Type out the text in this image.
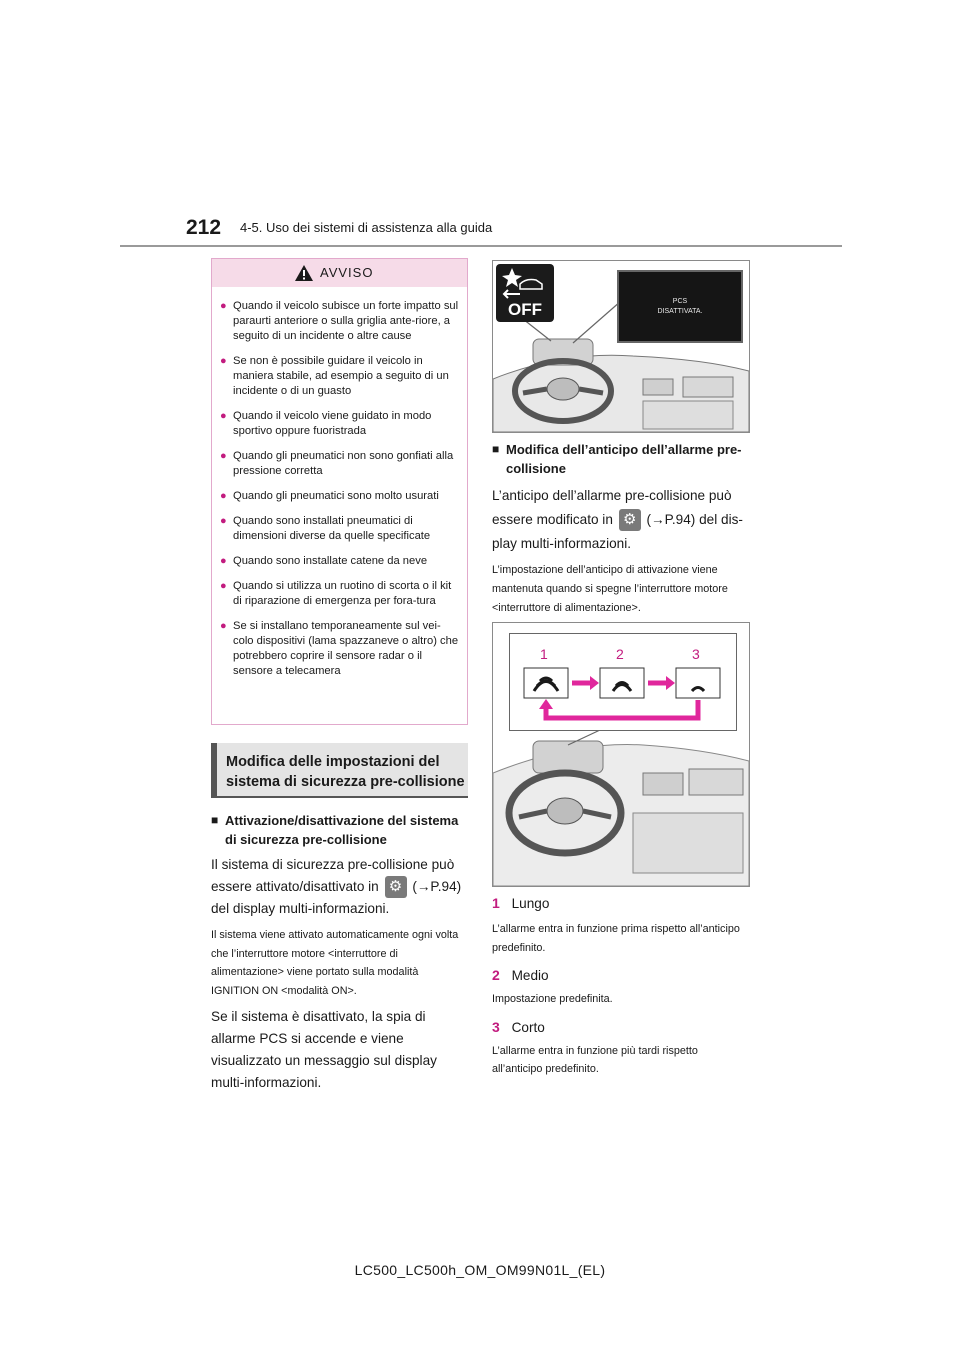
212 4-5. Uso dei sistemi di assistenza alla guida
AVVISO
● Quando il veicolo subisce un forte impatto sul paraurti anteriore o sulla griglia ante-riore, a seguito di un incidente o altre cause
● Se non è possibile guidare il veicolo in maniera stabile, ad esempio a seguito di un incidente o di un guasto
● Quando il veicolo viene guidato in modo sportivo oppure fuoristrada
● Quando gli pneumatici non sono gonfiati alla pressione corretta
● Quando gli pneumatici sono molto usurati
● Quando sono installati pneumatici di dimensioni diverse da quelle specificate
● Quando sono installate catene da neve
● Quando si utilizza un ruotino di scorta o il kit di riparazione di emergenza per fora-tura
● Se si installano temporaneamente sul vei-colo dispositivi (lama spazzaneve o altro) che potrebbero coprire il sensore radar o il sensore a telecamera
Modifica delle impostazioni del sistema di sicurezza pre-collisione
■ Attivazione/disattivazione del sistema di sicurezza pre-collisione
Il sistema di sicurezza pre-collisione può essere attivato/disattivato in ⚙ (→P.94) del display multi-informazioni.
Il sistema viene attivato automaticamente ogni volta che l’interruttore motore <interruttore di alimentazione> viene portato sulla modalità IGNITION ON <modalità ON>.
Se il sistema è disattivato, la spia di allarme PCS si accende e viene visualizzato un messaggio sul display multi-informazioni.
OFF	PCS
DISATTIVATA.
■ Modifica dell’anticipo dell’allarme pre-collisione
L’anticipo dell’allarme pre-collisione può essere modificato in ⚙ (→P.94) del dis-play multi-informazioni.
L’impostazione dell’anticipo di attivazione viene mantenuta quando si spegne l’interruttore motore <interruttore di alimentazione>.
1	2	3
1 Lungo
L’allarme entra in funzione prima rispetto all’anticipo predefinito.
2 Medio
Impostazione predefinita.
3 Corto
L’allarme entra in funzione più tardi rispetto all’anticipo predefinito.
LC500_LC500h_OM_OM99N01L_(EL)
